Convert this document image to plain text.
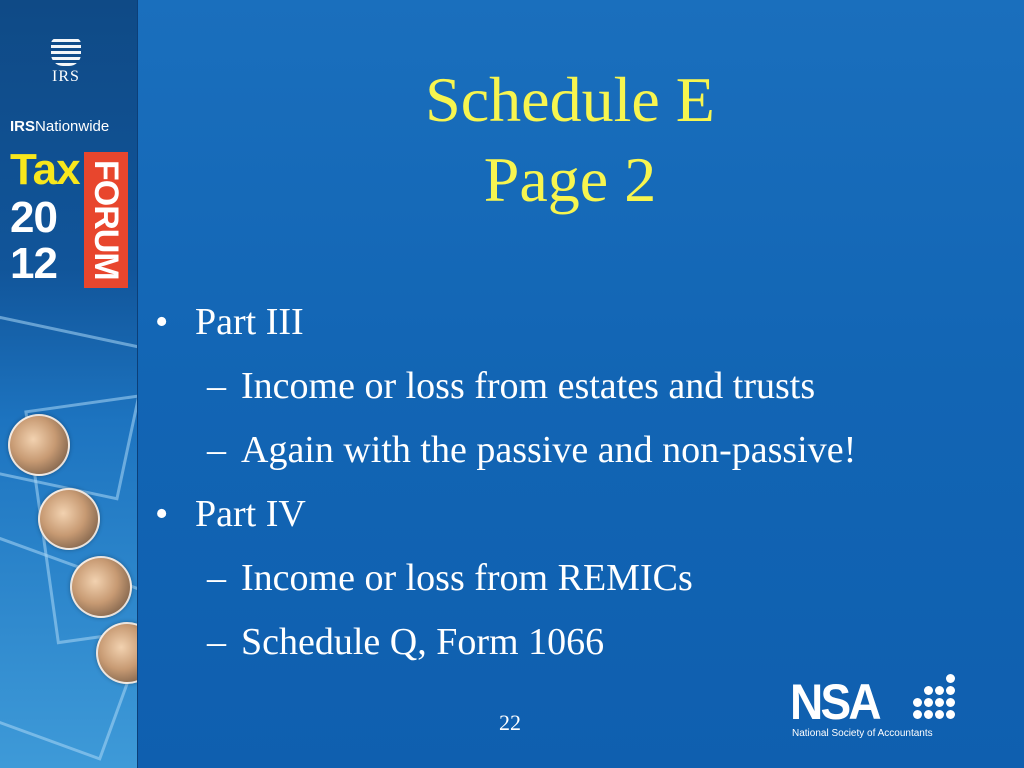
IRS
IRSNationwide
Tax
20
12 FORUM
Schedule E
Page 2
• Part III
– Income or loss from estates and trusts
– Again with the passive and non-passive!
• Part IV
– Income or loss from REMICs
– Schedule Q, Form 1066
22	NSA
National Society of Accountants
